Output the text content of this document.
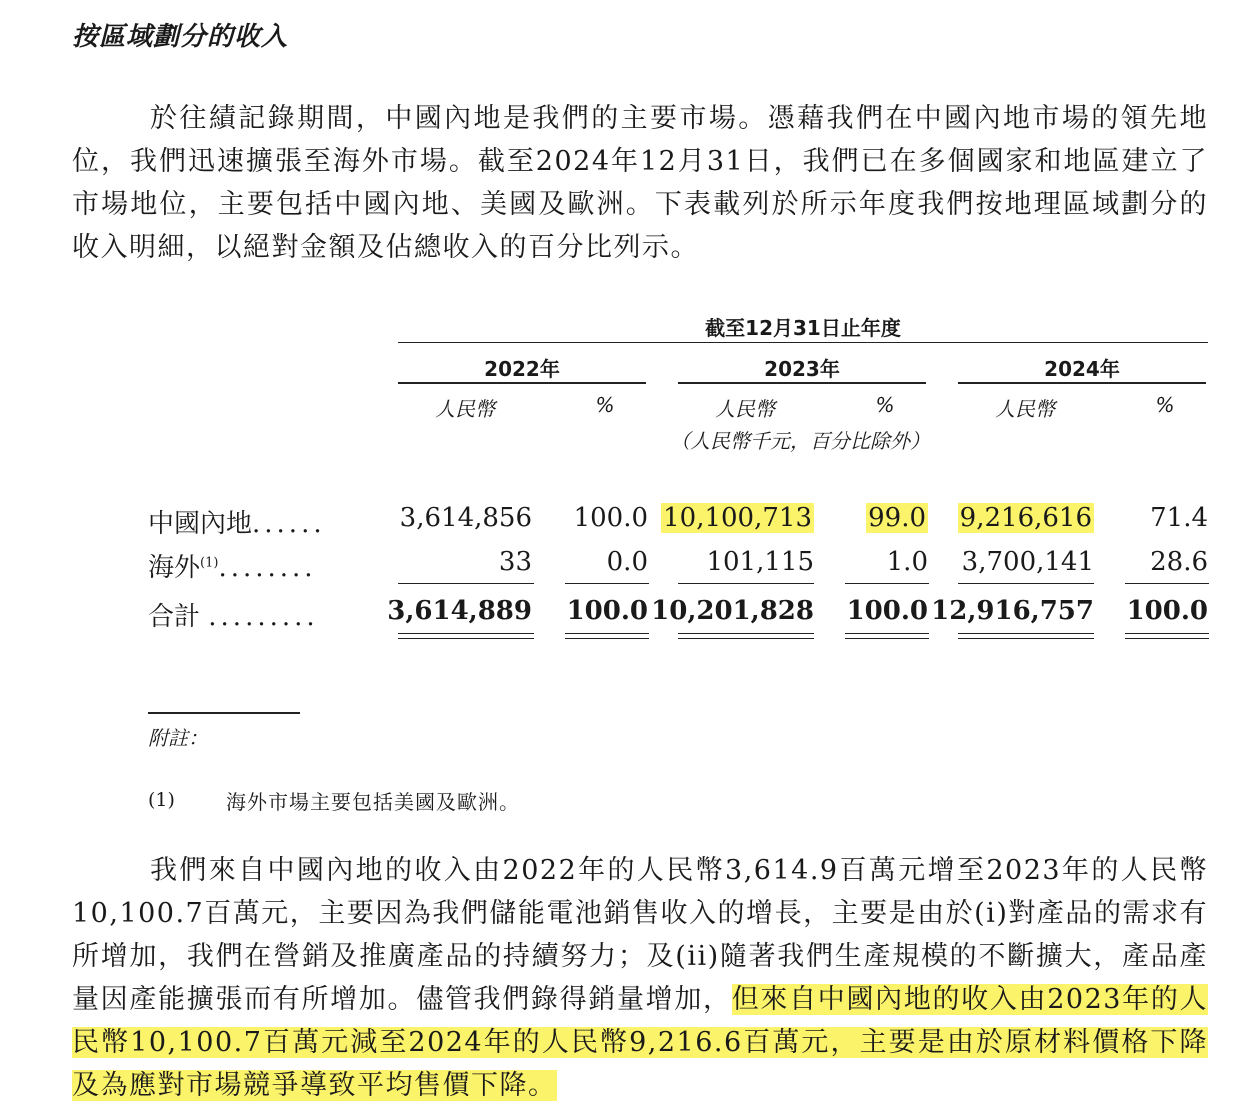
按區域劃分的收入
於往績記錄期間，中國內地是我們的主要市場。憑藉我們在中國內地市場的領先地位，我們迅速擴張至海外市場。截至2024年12月31日，我們已在多個國家和地區建立了市場地位，主要包括中國內地、美國及歐洲。下表載列於所示年度我們按地理區域劃分的收入明細，以絕對金額及佔總收入的百分比列示。
截至12月31日止年度
2022年	2023年	2024年
人民幣	%	人民幣	%	人民幣	%
（人民幣千元，百分比除外）
中國內地......	3,614,856 100.0 10,100,713 99.0 9,216,616 71.4
海外$^{(1)}$........	33	0.0 101,115	1.0 3,700,141 28.6
合計 .........	3,614,889 100.0 10,201,828 100.0 12,916,757 100.0
附註：
(1)	海外市場主要包括美國及歐洲。
我們來自中國內地的收入由2022年的人民幣3,614.9百萬元增至2023年的人民幣10,100.7百萬元，主要因為我們儲能電池銷售收入的增長，主要是由於(i)對產品的需求有所增加，我們在營銷及推廣產品的持續努力；及(ii)隨著我們生產規模的不斷擴大，產品產量因產能擴張而有所增加。儘管我們錄得銷量增加，但來自中國內地的收入由2023年的人民幣10,100.7百萬元減至2024年的人民幣9,216.6百萬元，主要是由於原材料價格下降及為應對市場競爭導致平均售價下降。
